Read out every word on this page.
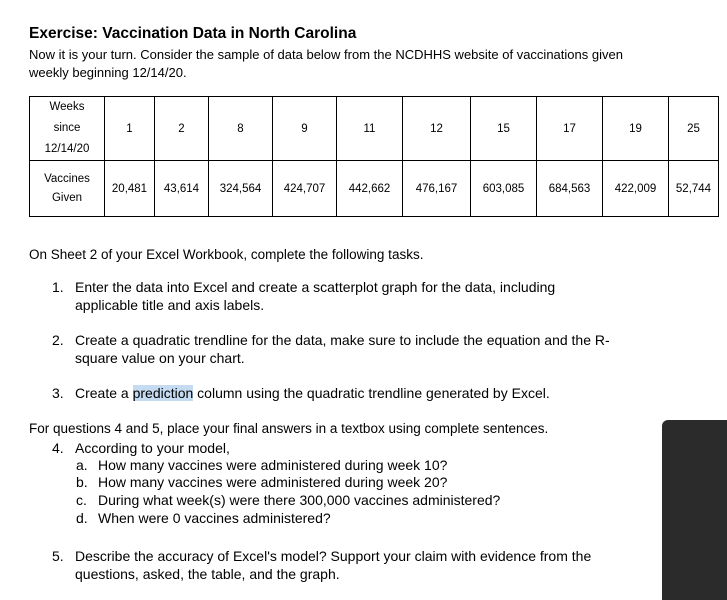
Exercise: Vaccination Data in North Carolina
Now it is your turn. Consider the sample of data below from the NCDHHS website of vaccinations given
weekly beginning 12/14/20.
Weeks
since
12/14/20	1	2	8	9	11	12	15	17	19	25

Vaccines
Given	20,481	43,614	324,564	424,707	442,662	476,167	603,085	684,563	422,009	52,744
On Sheet 2 of your Excel Workbook, complete the following tasks.
1. Enter the data into Excel and create a scatterplot graph for the data, including
applicable title and axis labels.
2. Create a quadratic trendline for the data, make sure to include the equation and the R-
square value on your chart.
3. Create a prediction column using the quadratic trendline generated by Excel.
For questions 4 and 5, place your final answers in a textbox using complete sentences.
4. According to your model,
a. How many vaccines were administered during week 10?
b. How many vaccines were administered during week 20?
c. During what week(s) were there 300,000 vaccines administered?
d. When were 0 vaccines administered?
5. Describe the accuracy of Excel's model? Support your claim with evidence from the
questions, asked, the table, and the graph.
